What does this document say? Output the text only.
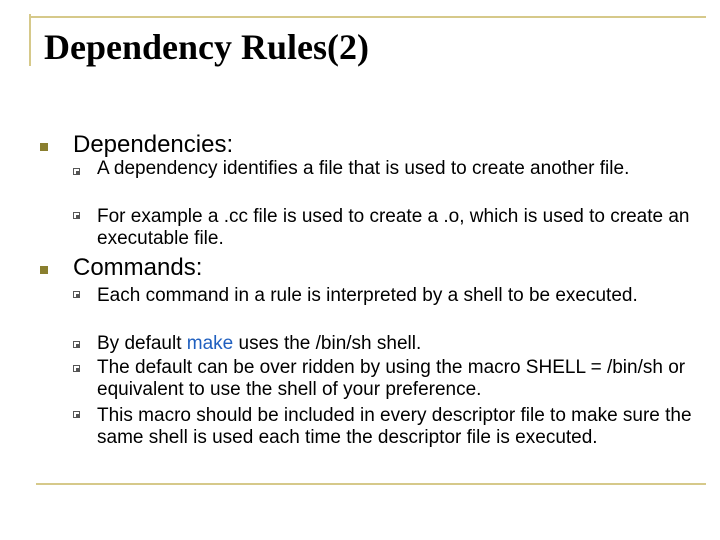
Dependency Rules(2)
Dependencies:
A dependency identifies a file that is used to create another file.
For example a .cc file is used to create a .o, which is used to create an executable file.
Commands:
Each command in a rule is interpreted by a shell to be executed.
By default make uses the /bin/sh shell.
The default can be over ridden by using the macro SHELL = /bin/sh or equivalent to use the shell of your preference.
This macro should be included in every descriptor file to make sure the same shell is used each time the descriptor file is executed.
